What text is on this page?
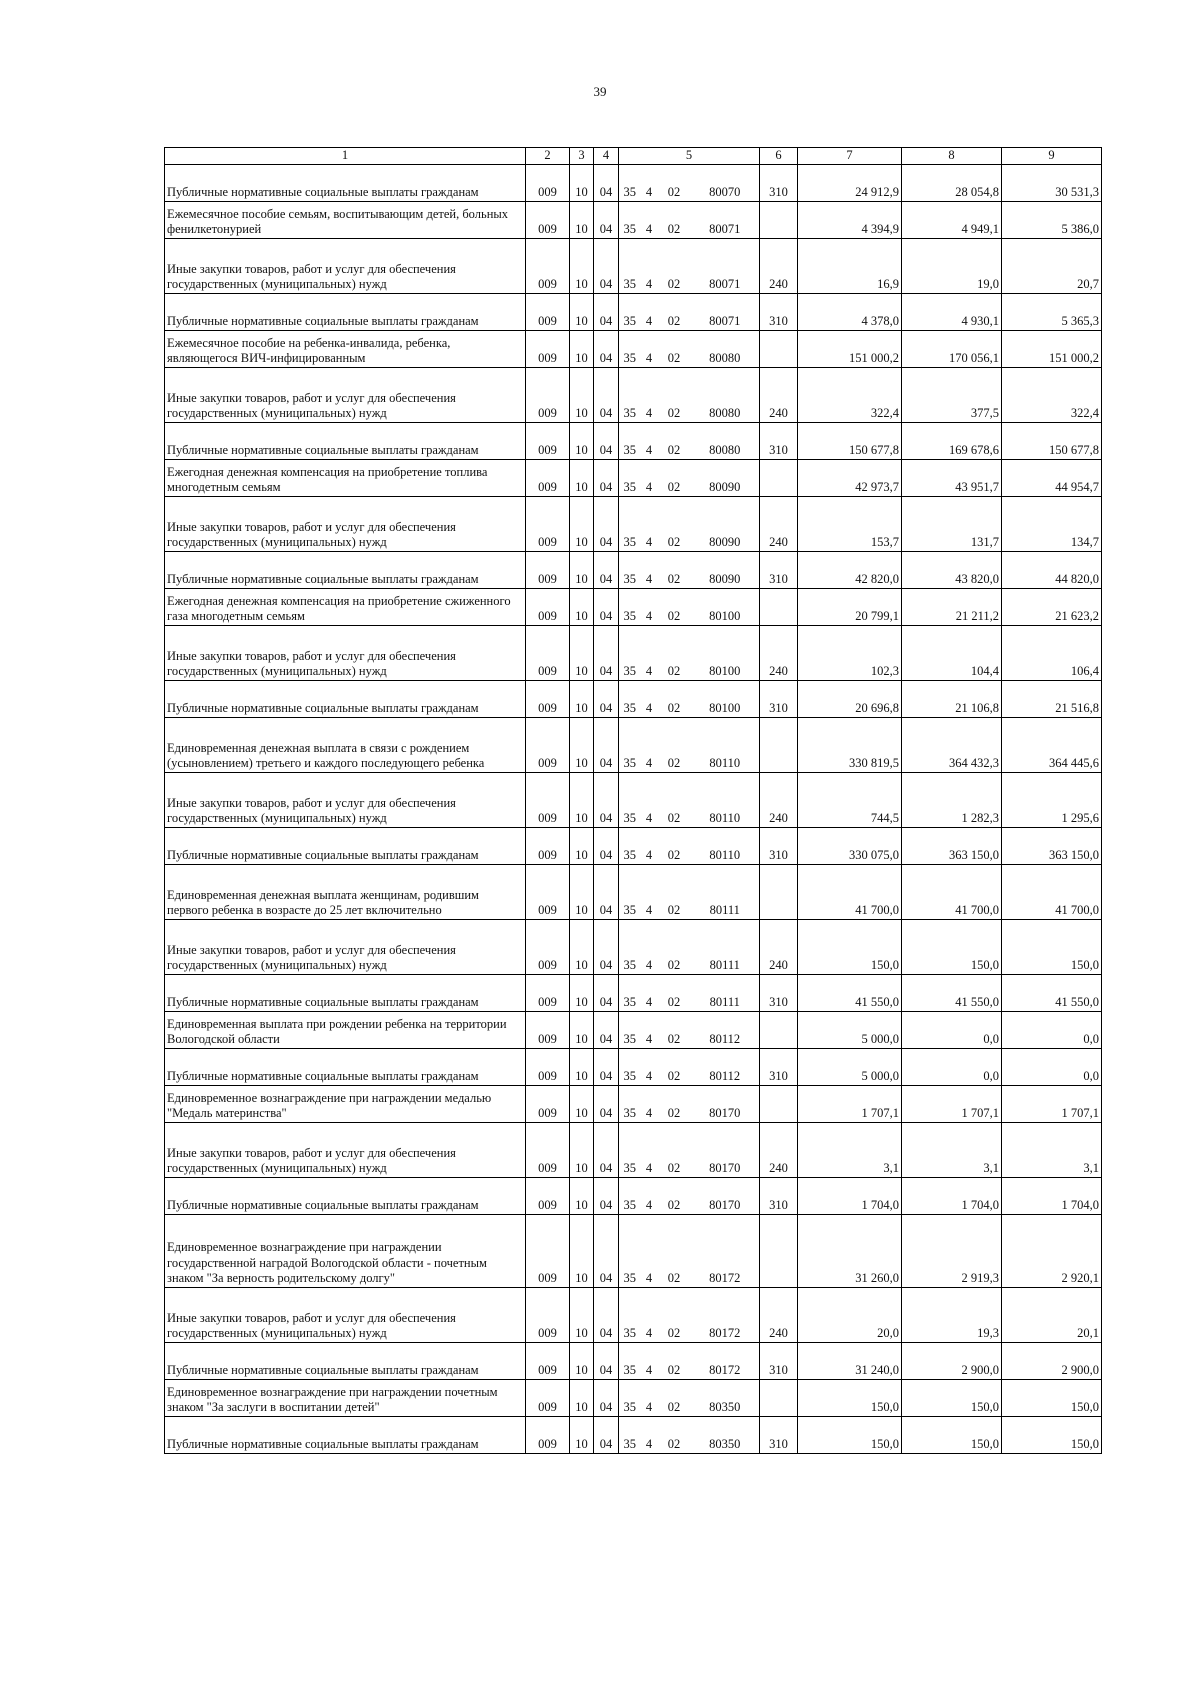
39
1	2	3	4	5				6	7	8	9
Публичные нормативные социальные выплаты гражданам	009	10	04	35	4	02	80070	310	24 912,9	28 054,8	30 531,3
Ежемесячное пособие семьям, воспитывающим детей, больных фенилкетонурией	009	10	04	35	4	02	80071		4 394,9	4 949,1	5 386,0
Иные закупки товаров, работ и услуг для обеспечения государственных (муниципальных) нужд	009	10	04	35	4	02	80071	240	16,9	19,0	20,7
Публичные нормативные социальные выплаты гражданам	009	10	04	35	4	02	80071	310	4 378,0	4 930,1	5 365,3
Ежемесячное пособие на ребенка-инвалида, ребенка, являющегося ВИЧ-инфицированным	009	10	04	35	4	02	80080		151 000,2	170 056,1	151 000,2
Иные закупки товаров, работ и услуг для обеспечения государственных (муниципальных) нужд	009	10	04	35	4	02	80080	240	322,4	377,5	322,4
Публичные нормативные социальные выплаты гражданам	009	10	04	35	4	02	80080	310	150 677,8	169 678,6	150 677,8
Ежегодная денежная компенсация на приобретение топлива многодетным семьям	009	10	04	35	4	02	80090		42 973,7	43 951,7	44 954,7
Иные закупки товаров, работ и услуг для обеспечения государственных (муниципальных) нужд	009	10	04	35	4	02	80090	240	153,7	131,7	134,7
Публичные нормативные социальные выплаты гражданам	009	10	04	35	4	02	80090	310	42 820,0	43 820,0	44 820,0
Ежегодная денежная компенсация на приобретение сжиженного газа многодетным семьям	009	10	04	35	4	02	80100		20 799,1	21 211,2	21 623,2
Иные закупки товаров, работ и услуг для обеспечения государственных (муниципальных) нужд	009	10	04	35	4	02	80100	240	102,3	104,4	106,4
Публичные нормативные социальные выплаты гражданам	009	10	04	35	4	02	80100	310	20 696,8	21 106,8	21 516,8
Единовременная денежная выплата в связи с рождением (усыновлением) третьего и каждого последующего ребенка	009	10	04	35	4	02	80110		330 819,5	364 432,3	364 445,6
Иные закупки товаров, работ и услуг для обеспечения государственных (муниципальных) нужд	009	10	04	35	4	02	80110	240	744,5	1 282,3	1 295,6
Публичные нормативные социальные выплаты гражданам	009	10	04	35	4	02	80110	310	330 075,0	363 150,0	363 150,0
Единовременная денежная выплата женщинам, родившим первого ребенка в возрасте до 25 лет включительно	009	10	04	35	4	02	80111		41 700,0	41 700,0	41 700,0
Иные закупки товаров, работ и услуг для обеспечения государственных (муниципальных) нужд	009	10	04	35	4	02	80111	240	150,0	150,0	150,0
Публичные нормативные социальные выплаты гражданам	009	10	04	35	4	02	80111	310	41 550,0	41 550,0	41 550,0
Единовременная выплата при рождении ребенка на территории Вологодской области	009	10	04	35	4	02	80112		5 000,0	0,0	0,0
Публичные нормативные социальные выплаты гражданам	009	10	04	35	4	02	80112	310	5 000,0	0,0	0,0
Единовременное вознаграждение при награждении медалью "Медаль материнства"	009	10	04	35	4	02	80170		1 707,1	1 707,1	1 707,1
Иные закупки товаров, работ и услуг для обеспечения государственных (муниципальных) нужд	009	10	04	35	4	02	80170	240	3,1	3,1	3,1
Публичные нормативные социальные выплаты гражданам	009	10	04	35	4	02	80170	310	1 704,0	1 704,0	1 704,0
Единовременное вознаграждение при награждении государственной наградой Вологодской области - почетным знаком "За верность родительскому долгу"	009	10	04	35	4	02	80172		31 260,0	2 919,3	2 920,1
Иные закупки товаров, работ и услуг для обеспечения государственных (муниципальных) нужд	009	10	04	35	4	02	80172	240	20,0	19,3	20,1
Публичные нормативные социальные выплаты гражданам	009	10	04	35	4	02	80172	310	31 240,0	2 900,0	2 900,0
Единовременное вознаграждение при награждении почетным знаком "За заслуги в воспитании детей"	009	10	04	35	4	02	80350		150,0	150,0	150,0
Публичные нормативные социальные выплаты гражданам	009	10	04	35	4	02	80350	310	150,0	150,0	150,0
